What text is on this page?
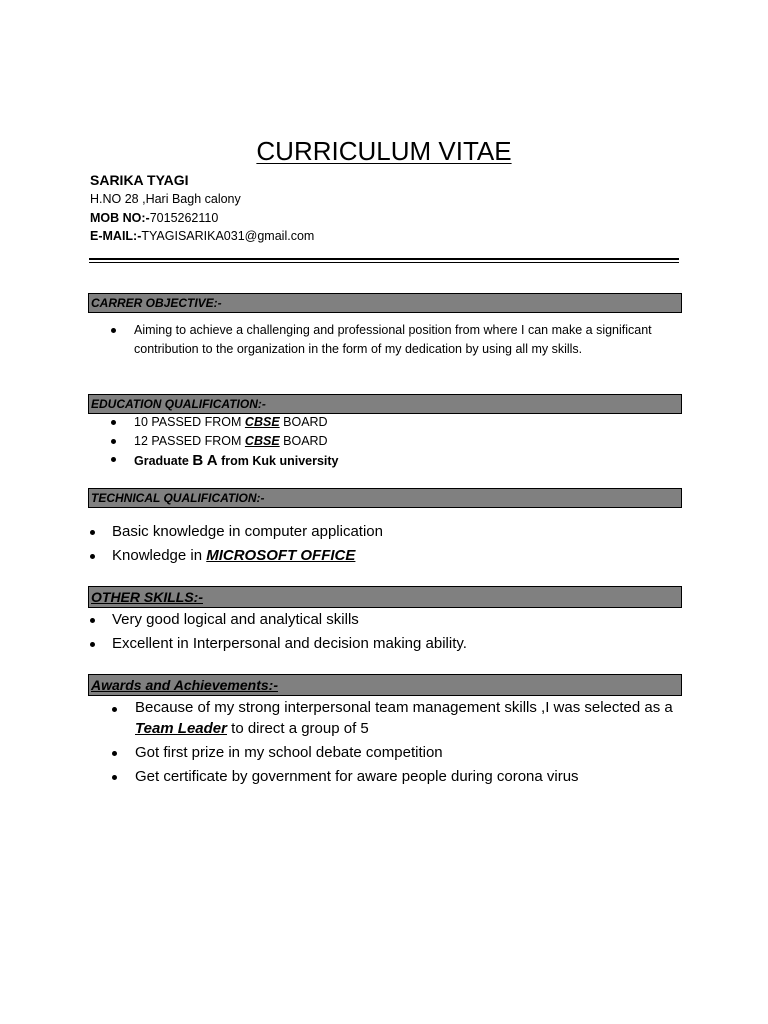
CURRICULUM VITAE
SARIKA TYAGI
H.NO 28 ,Hari Bagh calony
MOB NO:-7015262110
E-MAIL:-TYAGISARIKA031@gmail.com
CARRER OBJECTIVE:-
Aiming to achieve a challenging and professional position from where I can make a significant contribution to the organization in the form of my dedication by using all my skills.
EDUCATION QUALIFICATION:-
10 PASSED FROM CBSE BOARD
12 PASSED FROM CBSE BOARD
Graduate B A from Kuk university
TECHNICAL QUALIFICATION:-
Basic knowledge in computer application
Knowledge in MICROSOFT OFFICE
OTHER SKILLS:-
Very good logical and analytical skills
Excellent in Interpersonal and decision making ability.
Awards and Achievements:-
Because of my strong interpersonal team management skills ,I was selected as a Team Leader to direct a group of 5
Got first prize in my school debate competition
Get certificate by government for aware people during corona virus
